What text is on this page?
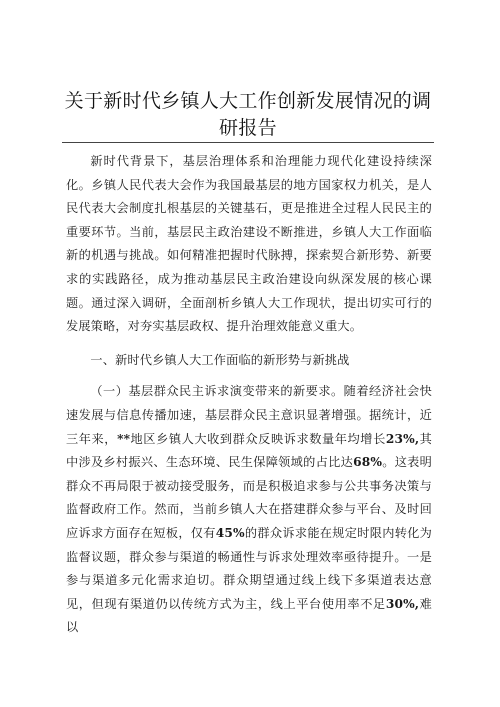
关于新时代乡镇人大工作创新发展情况的调研报告

新时代背景下，基层治理体系和治理能力现代化建设持续深化。乡镇人民代表大会作为我国最基层的地方国家权力机关，是人民代表大会制度扎根基层的关键基石，更是推进全过程人民民主的重要环节。当前，基层民主政治建设不断推进，乡镇人大工作面临新的机遇与挑战。如何精准把握时代脉搏，探索契合新形势、新要求的实践路径，成为推动基层民主政治建设向纵深发展的核心课题。通过深入调研，全面剖析乡镇人大工作现状，提出切实可行的发展策略，对夯实基层政权、提升治理效能意义重大。

一、新时代乡镇人大工作面临的新形势与新挑战

（一）基层群众民主诉求演变带来的新要求。随着经济社会快速发展与信息传播加速，基层群众民主意识显著增强。据统计，近三年来，**地区乡镇人大收到群众反映诉求数量年均增长23%,其中涉及乡村振兴、生态环境、民生保障领域的占比达68%。这表明群众不再局限于被动接受服务，而是积极追求参与公共事务决策与监督政府工作。然而，当前乡镇人大在搭建群众参与平台、及时回应诉求方面存在短板，仅有45%的群众诉求能在规定时限内转化为监督议题，群众参与渠道的畅通性与诉求处理效率亟待提升。一是参与渠道多元化需求迫切。群众期望通过线上线下多渠道表达意见，但现有渠道仍以传统方式为主，线上平台使用率不足30%,难以
